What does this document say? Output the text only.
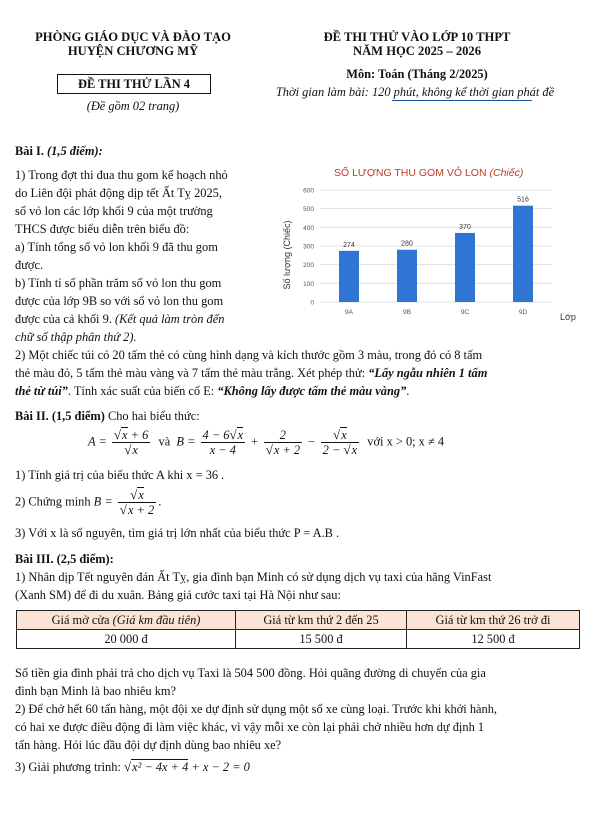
PHÒNG GIÁO DỤC VÀ ĐÀO TẠO
HUYỆN CHƯƠNG MỸ
ĐỀ THI THỬ LẦN 4
(Đề gồm 02 trang)
ĐỀ THI THỬ VÀO LỚP 10 THPT
NĂM HỌC 2025 – 2026
Môn: Toán (Tháng 2/2025)
Thời gian làm bài: 120 phút, không kể thời gian phát đề
Bài I. (1,5 điểm):
1) Trong đợt thi đua thu gom kế hoạch nhỏ
do Liên đội phát động dịp tết Ất Tỵ 2025,
số vỏ lon các lớp khối 9 của một trường
THCS được biểu diễn trên biểu đồ:
a) Tính tổng số vỏ lon khối 9 đã thu gom
được.
b) Tính tỉ số phần trăm số vỏ lon thu gom
được của lớp 9B so với số vỏ lon thu gom
được của cả khối 9. (Kết quả làm tròn đến
chữ số thập phân thứ 2).
SỐ LƯỢNG THU GOM VỎ LON (Chiếc)
Số lượng (Chiếc)
Lớp
0
100
200
300
400
500
600
274
9A
280
9B
370
9C
516
9D
2) Một chiếc túi có 20 tấm thẻ có cùng hình dạng và kích thước gồm 3 màu, trong đó có 8 tấm
thẻ màu đỏ, 5 tấm thẻ màu vàng và 7 tấm thẻ màu trắng. Xét phép thử: “Lấy ngẫu nhiên 1 tấm
thẻ từ túi”. Tính xác suất của biến cố E: “Không lấy được tấm thẻ màu vàng”.
Bài II. (1,5 điểm) Cho hai biểu thức:
$A = \frac{√x + 6}{√x}$ và  $B = \frac{4 - 6√x}{x - 4} + \frac{2}{√x + 2} - \frac{√x}{2 - √x}$ với x > 0; x ≠ 4
1) Tính giá trị của biểu thức A khi x = 36 .
2) Chứng minh $B = \frac{√x}{√x + 2}$ .
3) Với x là số nguyên, tìm giá trị lớn nhất của biểu thức P = A.B .
Bài III. (2,5 điểm):
1) Nhân dịp Tết nguyên đán Ất Tỵ, gia đình bạn Minh có sử dụng dịch vụ taxi của hãng VinFast
(Xanh SM) để đi du xuân. Bảng giá cước taxi tại Hà Nội như sau:
Giá mở cửa (Giá km đầu tiên)	Giá từ km thứ 2 đến 25	Giá từ km thứ 26 trở đi
20 000 đ	15 500 đ	12 500 đ
Số tiền gia đình phải trả cho dịch vụ Taxi là 504 500 đồng. Hỏi quãng đường di chuyển của gia
đình bạn Minh là bao nhiêu km?
2) Để chở hết 60 tấn hàng, một đội xe dự định sử dụng một số xe cùng loại. Trước khi khởi hành,
có hai xe được điều động đi làm việc khác, vì vậy mỗi xe còn lại phải chở nhiều hơn dự định 1
tấn hàng. Hỏi lúc đầu đội dự định dùng bao nhiêu xe?
3) Giải phương trình: √x² − 4x + 4 + x − 2 = 0
